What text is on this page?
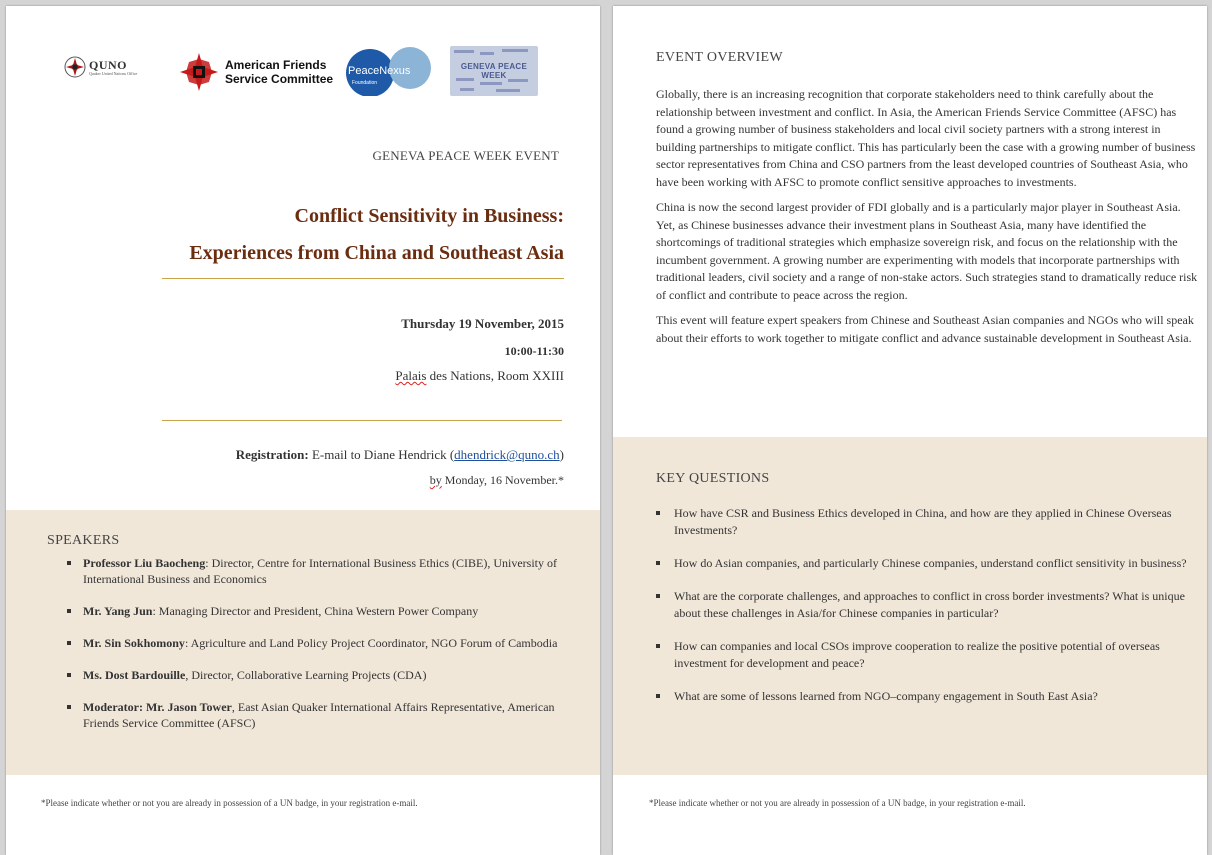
QUNO
Quaker United Nations Office
American Friends
Service Committee
PeaceNexus
Foundation
GENEVA PEACE WEEK
GENEVA PEACE WEEK EVENT
Conflict Sensitivity in Business:
Experiences from China and Southeast Asia
Thursday 19 November, 2015
10:00-11:30
Palais des Nations, Room XXIII
Registration: E-mail to Diane Hendrick (dhendrick@quno.ch)
by Monday, 16 November.*
SPEAKERS
Professor Liu Baocheng: Director, Centre for International Business Ethics (CIBE), University of International Business and Economics
Mr. Yang Jun: Managing Director and President, China Western Power Company
Mr. Sin Sokhomony: Agriculture and Land Policy Project Coordinator, NGO Forum of Cambodia
Ms. Dost Bardouille, Director, Collaborative Learning Projects (CDA)
Moderator: Mr. Jason Tower, East Asian Quaker International Affairs Representative, American Friends Service Committee (AFSC)
*Please indicate whether or not you are already in possession of a UN badge, in your registration e-mail.
EVENT OVERVIEW

Globally, there is an increasing recognition that corporate stakeholders need to think carefully about the relationship between investment and conflict. In Asia, the American Friends Service Committee (AFSC) has found a growing number of business stakeholders and local civil society partners with a strong interest in building partnerships to mitigate conflict. This has particularly been the case with a growing number of business sector representatives from China and CSO partners from the least developed countries of Southeast Asia, who have been working with AFSC to promote conflict sensitive approaches to investments.

China is now the second largest provider of FDI globally and is a particularly major player in Southeast Asia. Yet, as Chinese businesses advance their investment plans in Southeast Asia, many have identified the shortcomings of traditional strategies which emphasize sovereign risk, and focus on the relationship with the incumbent government. A growing number are experimenting with models that incorporate partnerships with traditional leaders, civil society and a range of non-stake actors. Such strategies stand to dramatically reduce risk of conflict and contribute to peace across the region.

This event will feature expert speakers from Chinese and Southeast Asian companies and NGOs who will speak about their efforts to work together to mitigate conflict and advance sustainable development in Southeast Asia.

KEY QUESTIONS
How have CSR and Business Ethics developed in China, and how are they applied in Chinese Overseas Investments?
How do Asian companies, and particularly Chinese companies, understand conflict sensitivity in business?
What are the corporate challenges, and approaches to conflict in cross border investments? What is unique about these challenges in Asia/for Chinese companies in particular?
How can companies and local CSOs improve cooperation to realize the positive potential of overseas investment for development and peace?
What are some of lessons learned from NGO–company engagement in South East Asia?
*Please indicate whether or not you are already in possession of a UN badge, in your registration e-mail.
